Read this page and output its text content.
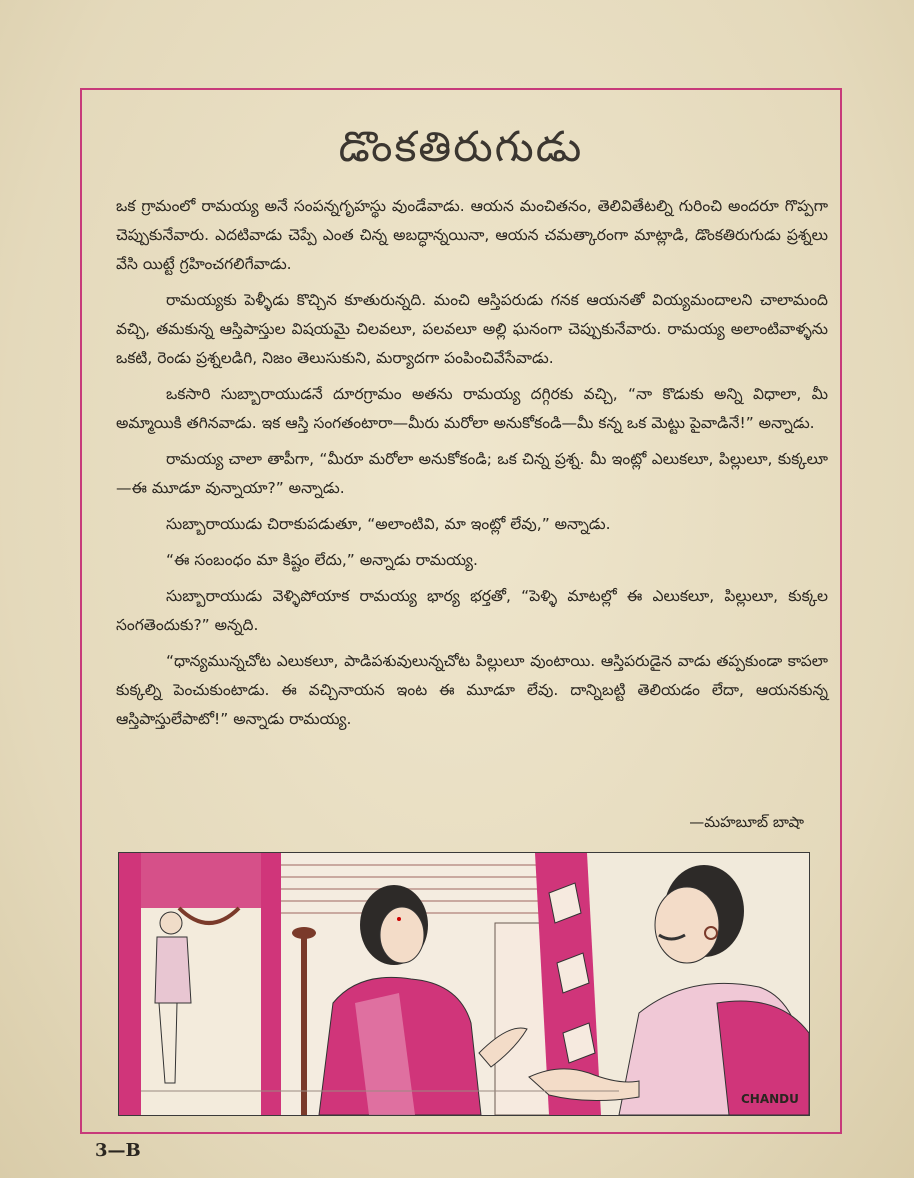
డొంకతిరుగుడు

ఒక గ్రామంలో రామయ్య అనే సంపన్నగృహస్థు వుండేవాడు. ఆయన మంచితనం, తెలివితేటల్ని గురించి అందరూ గొప్పగా చెప్పుకునేవారు. ఎదటివాడు చెప్పే ఎంత చిన్న అబద్ధాన్నయినా, ఆయన చమత్కారంగా మాట్లాడి, డొంకతిరుగుడు ప్రశ్నలు వేసి యిట్టే గ్రహించగలిగేవాడు.

రామయ్యకు పెళ్ళీడు కొచ్చిన కూతురున్నది. మంచి ఆస్తిపరుడు గనక ఆయనతో వియ్యమందాలని చాలామంది వచ్చి, తమకున్న ఆస్తిపాస్తుల విషయమై చిలవలూ, పలవలూ అల్లి ఘనంగా చెప్పుకునేవారు. రామయ్య అలాంటివాళ్ళను ఒకటి, రెండు ప్రశ్నలడిగి, నిజం తెలుసుకుని, మర్యాదగా పంపించివేసేవాడు.

ఒకసారి సుబ్బారాయుడనే దూరగ్రామం అతను రామయ్య దగ్గిరకు వచ్చి, “నా కొడుకు అన్ని విధాలా, మీ అమ్మాయికి తగినవాడు. ఇక ఆస్తి సంగతంటారా—మీరు మరోలా అనుకోకండి—మీ కన్న ఒక మెట్టు పైవాడినే!” అన్నాడు.

రామయ్య చాలా తాపీగా, “మీరూ మరోలా అనుకోకండి; ఒక చిన్న ప్రశ్న. మీ ఇంట్లో ఎలుకలూ, పిల్లులూ, కుక్కలూ—ఈ మూడూ వున్నాయా?” అన్నాడు.

సుబ్బారాయుడు చిరాకుపడుతూ, “అలాంటివి, మా ఇంట్లో లేవు,” అన్నాడు.

“ఈ సంబంధం మా కిష్టం లేదు,” అన్నాడు రామయ్య.

సుబ్బారాయుడు వెళ్ళిపోయాక రామయ్య భార్య భర్తతో, “పెళ్ళి మాటల్లో ఈ ఎలుకలూ, పిల్లులూ, కుక్కల సంగతెందుకు?” అన్నది.

“ధాన్యమున్నచోట ఎలుకలూ, పాడిపశువులున్నచోట పిల్లులూ వుంటాయి. ఆస్తిపరుడైన వాడు తప్పకుండా కాపలా కుక్కల్ని పెంచుకుంటాడు. ఈ వచ్చినాయన ఇంట ఈ మూడూ లేవు. దాన్నిబట్టి తెలియడం లేదా, ఆయనకున్న ఆస్తిపాస్తులేపాటో!” అన్నాడు రామయ్య.

—మహబూబ్ బాషా
CHANDU
3—B
